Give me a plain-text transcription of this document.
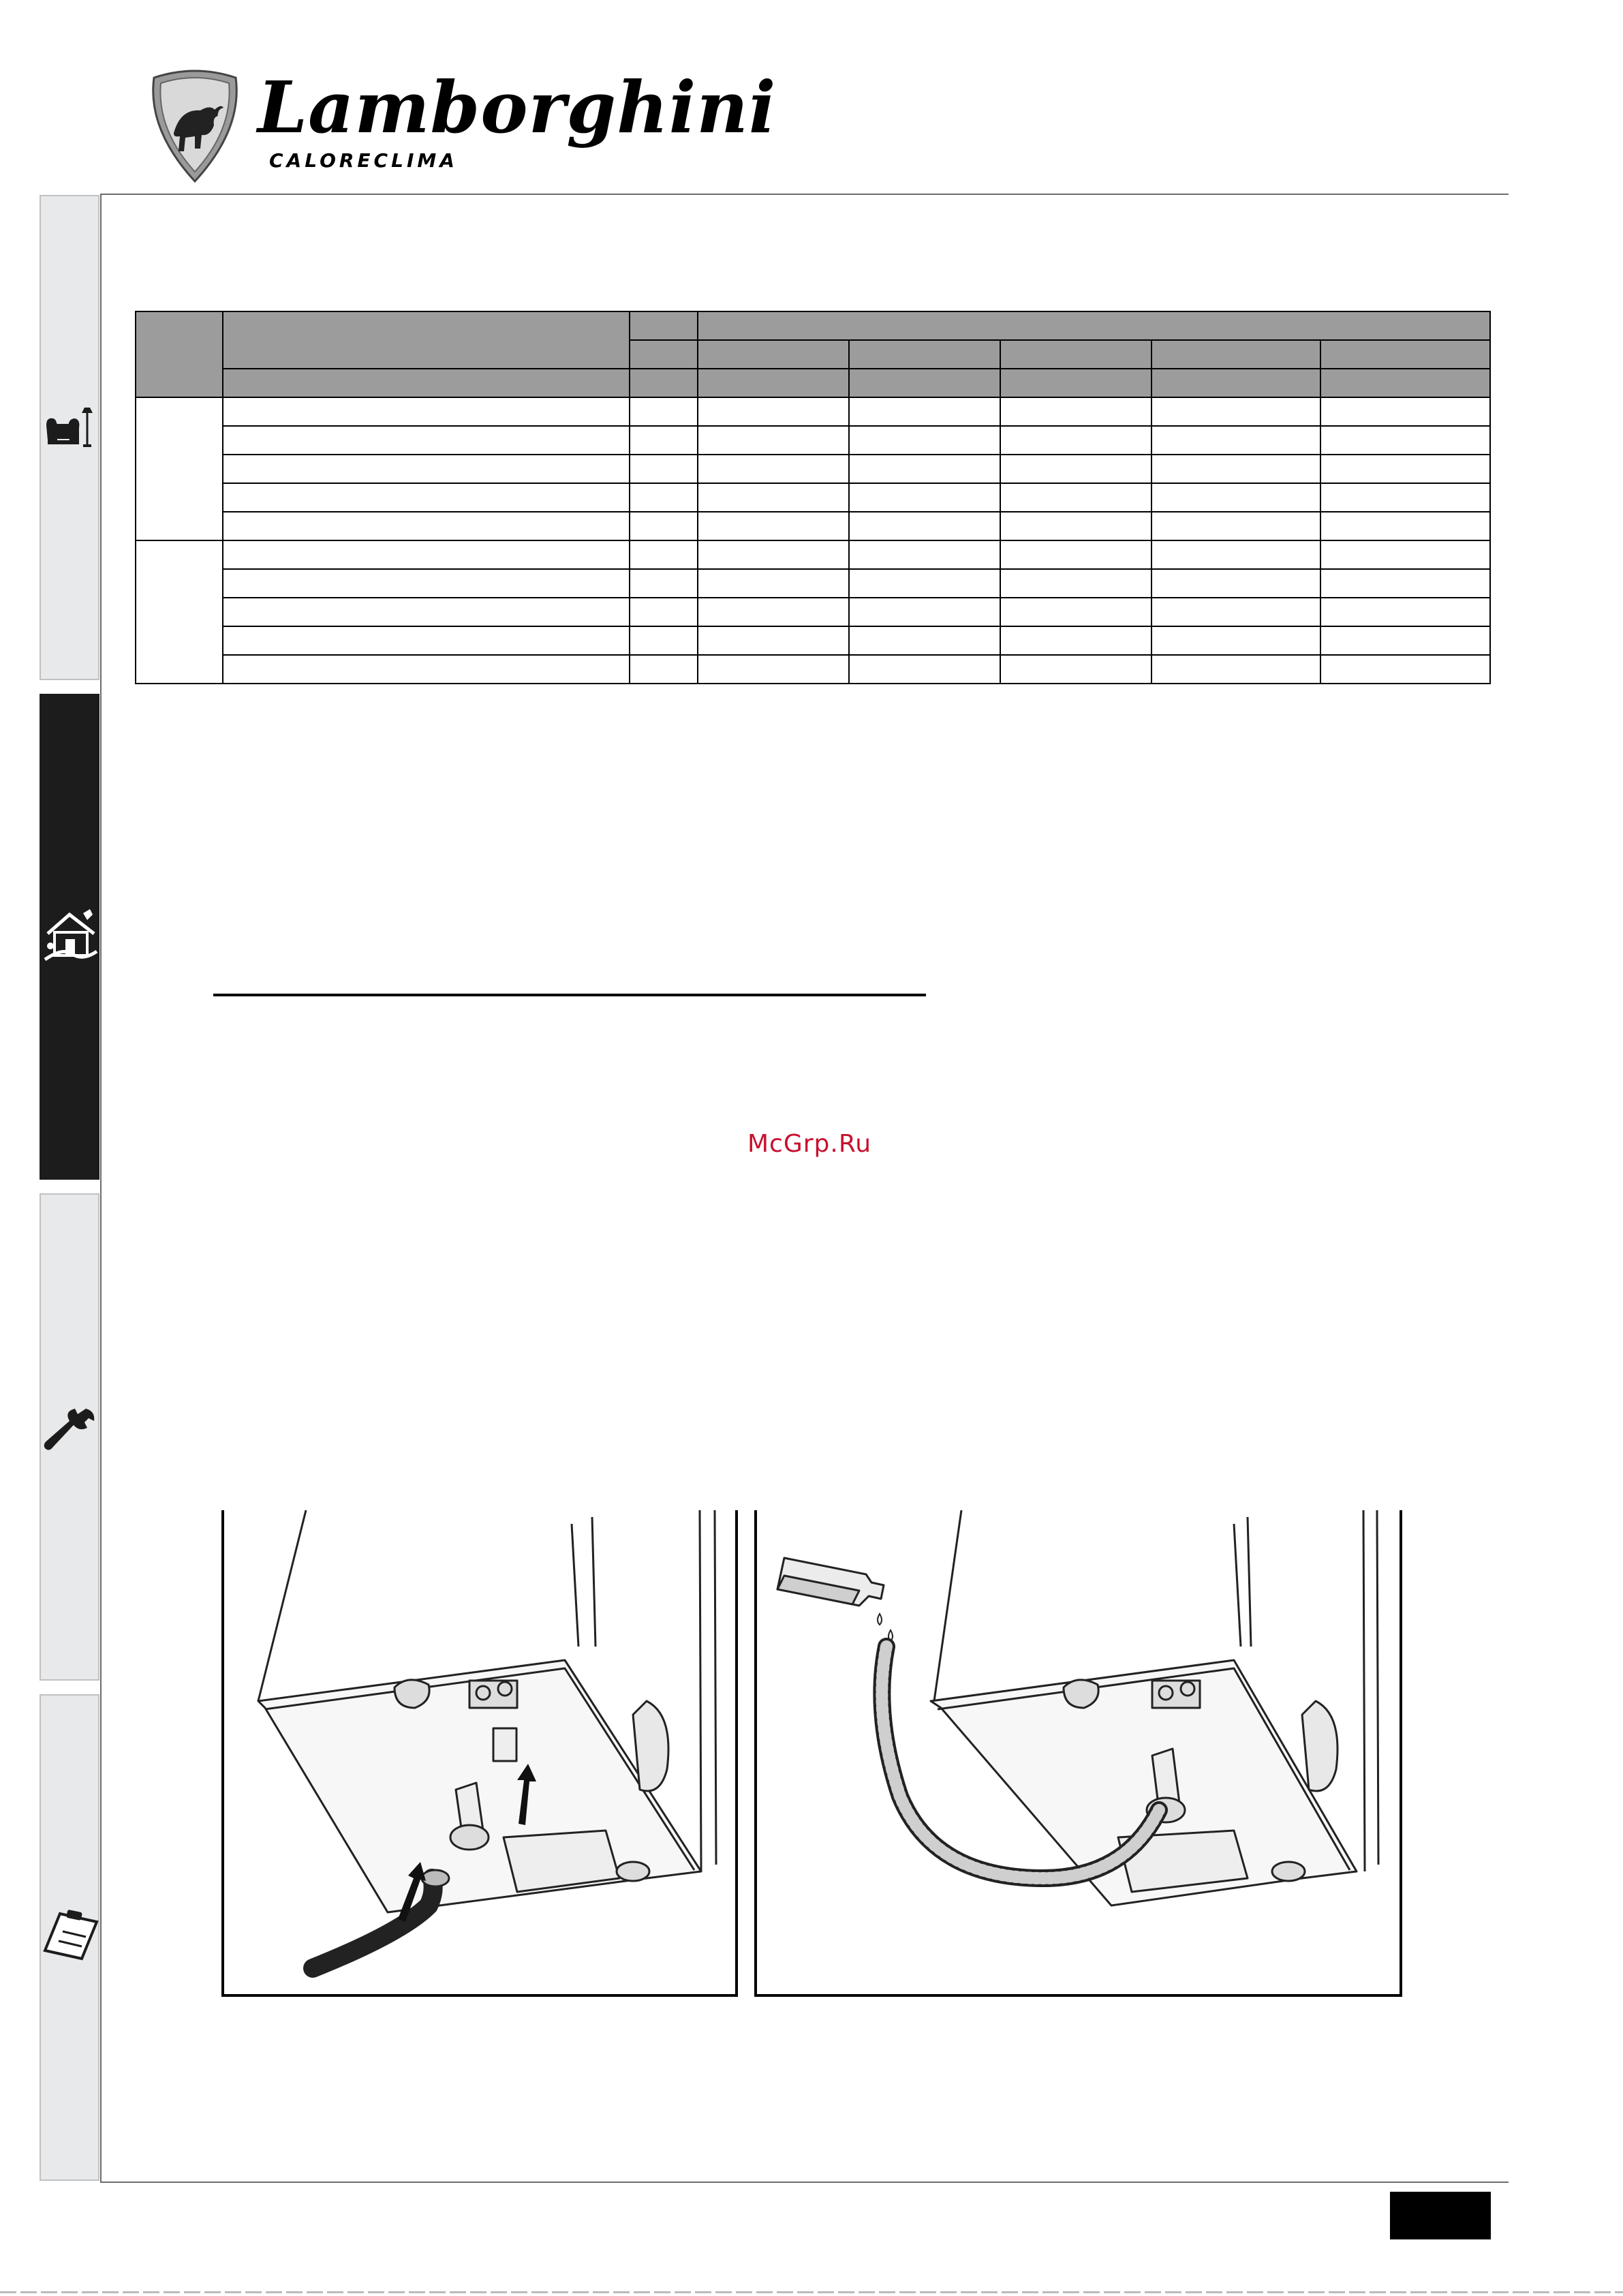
Lamborghini
CALORECLIMA

McGrp.Ru
